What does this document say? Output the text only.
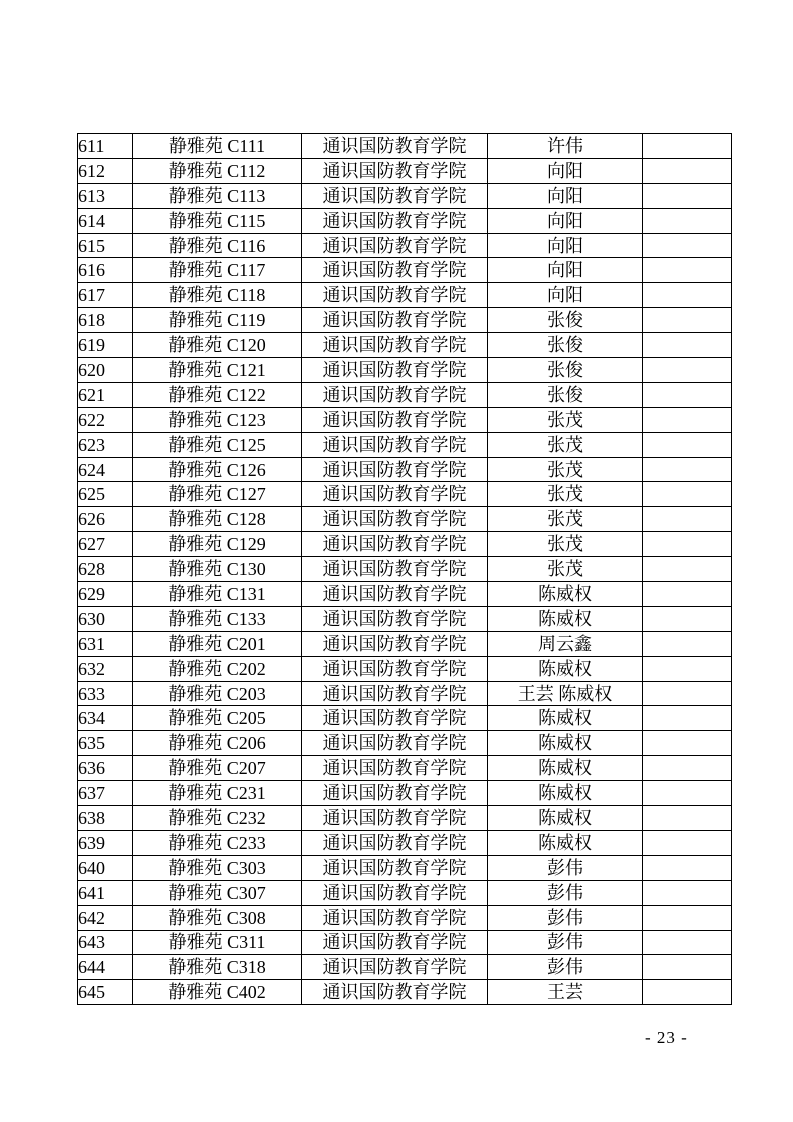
611	静雅苑 C111	通识国防教育学院	许伟	
612	静雅苑 C112	通识国防教育学院	向阳	
613	静雅苑 C113	通识国防教育学院	向阳	
614	静雅苑 C115	通识国防教育学院	向阳	
615	静雅苑 C116	通识国防教育学院	向阳	
616	静雅苑 C117	通识国防教育学院	向阳	
617	静雅苑 C118	通识国防教育学院	向阳	
618	静雅苑 C119	通识国防教育学院	张俊	
619	静雅苑 C120	通识国防教育学院	张俊	
620	静雅苑 C121	通识国防教育学院	张俊	
621	静雅苑 C122	通识国防教育学院	张俊	
622	静雅苑 C123	通识国防教育学院	张茂	
623	静雅苑 C125	通识国防教育学院	张茂	
624	静雅苑 C126	通识国防教育学院	张茂	
625	静雅苑 C127	通识国防教育学院	张茂	
626	静雅苑 C128	通识国防教育学院	张茂	
627	静雅苑 C129	通识国防教育学院	张茂	
628	静雅苑 C130	通识国防教育学院	张茂	
629	静雅苑 C131	通识国防教育学院	陈威权	
630	静雅苑 C133	通识国防教育学院	陈威权	
631	静雅苑 C201	通识国防教育学院	周云鑫	
632	静雅苑 C202	通识国防教育学院	陈威权	
633	静雅苑 C203	通识国防教育学院	王芸 陈威权	
634	静雅苑 C205	通识国防教育学院	陈威权	
635	静雅苑 C206	通识国防教育学院	陈威权	
636	静雅苑 C207	通识国防教育学院	陈威权	
637	静雅苑 C231	通识国防教育学院	陈威权	
638	静雅苑 C232	通识国防教育学院	陈威权	
639	静雅苑 C233	通识国防教育学院	陈威权	
640	静雅苑 C303	通识国防教育学院	彭伟	
641	静雅苑 C307	通识国防教育学院	彭伟	
642	静雅苑 C308	通识国防教育学院	彭伟	
643	静雅苑 C311	通识国防教育学院	彭伟	
644	静雅苑 C318	通识国防教育学院	彭伟	
645	静雅苑 C402	通识国防教育学院	王芸	
- 23 -
